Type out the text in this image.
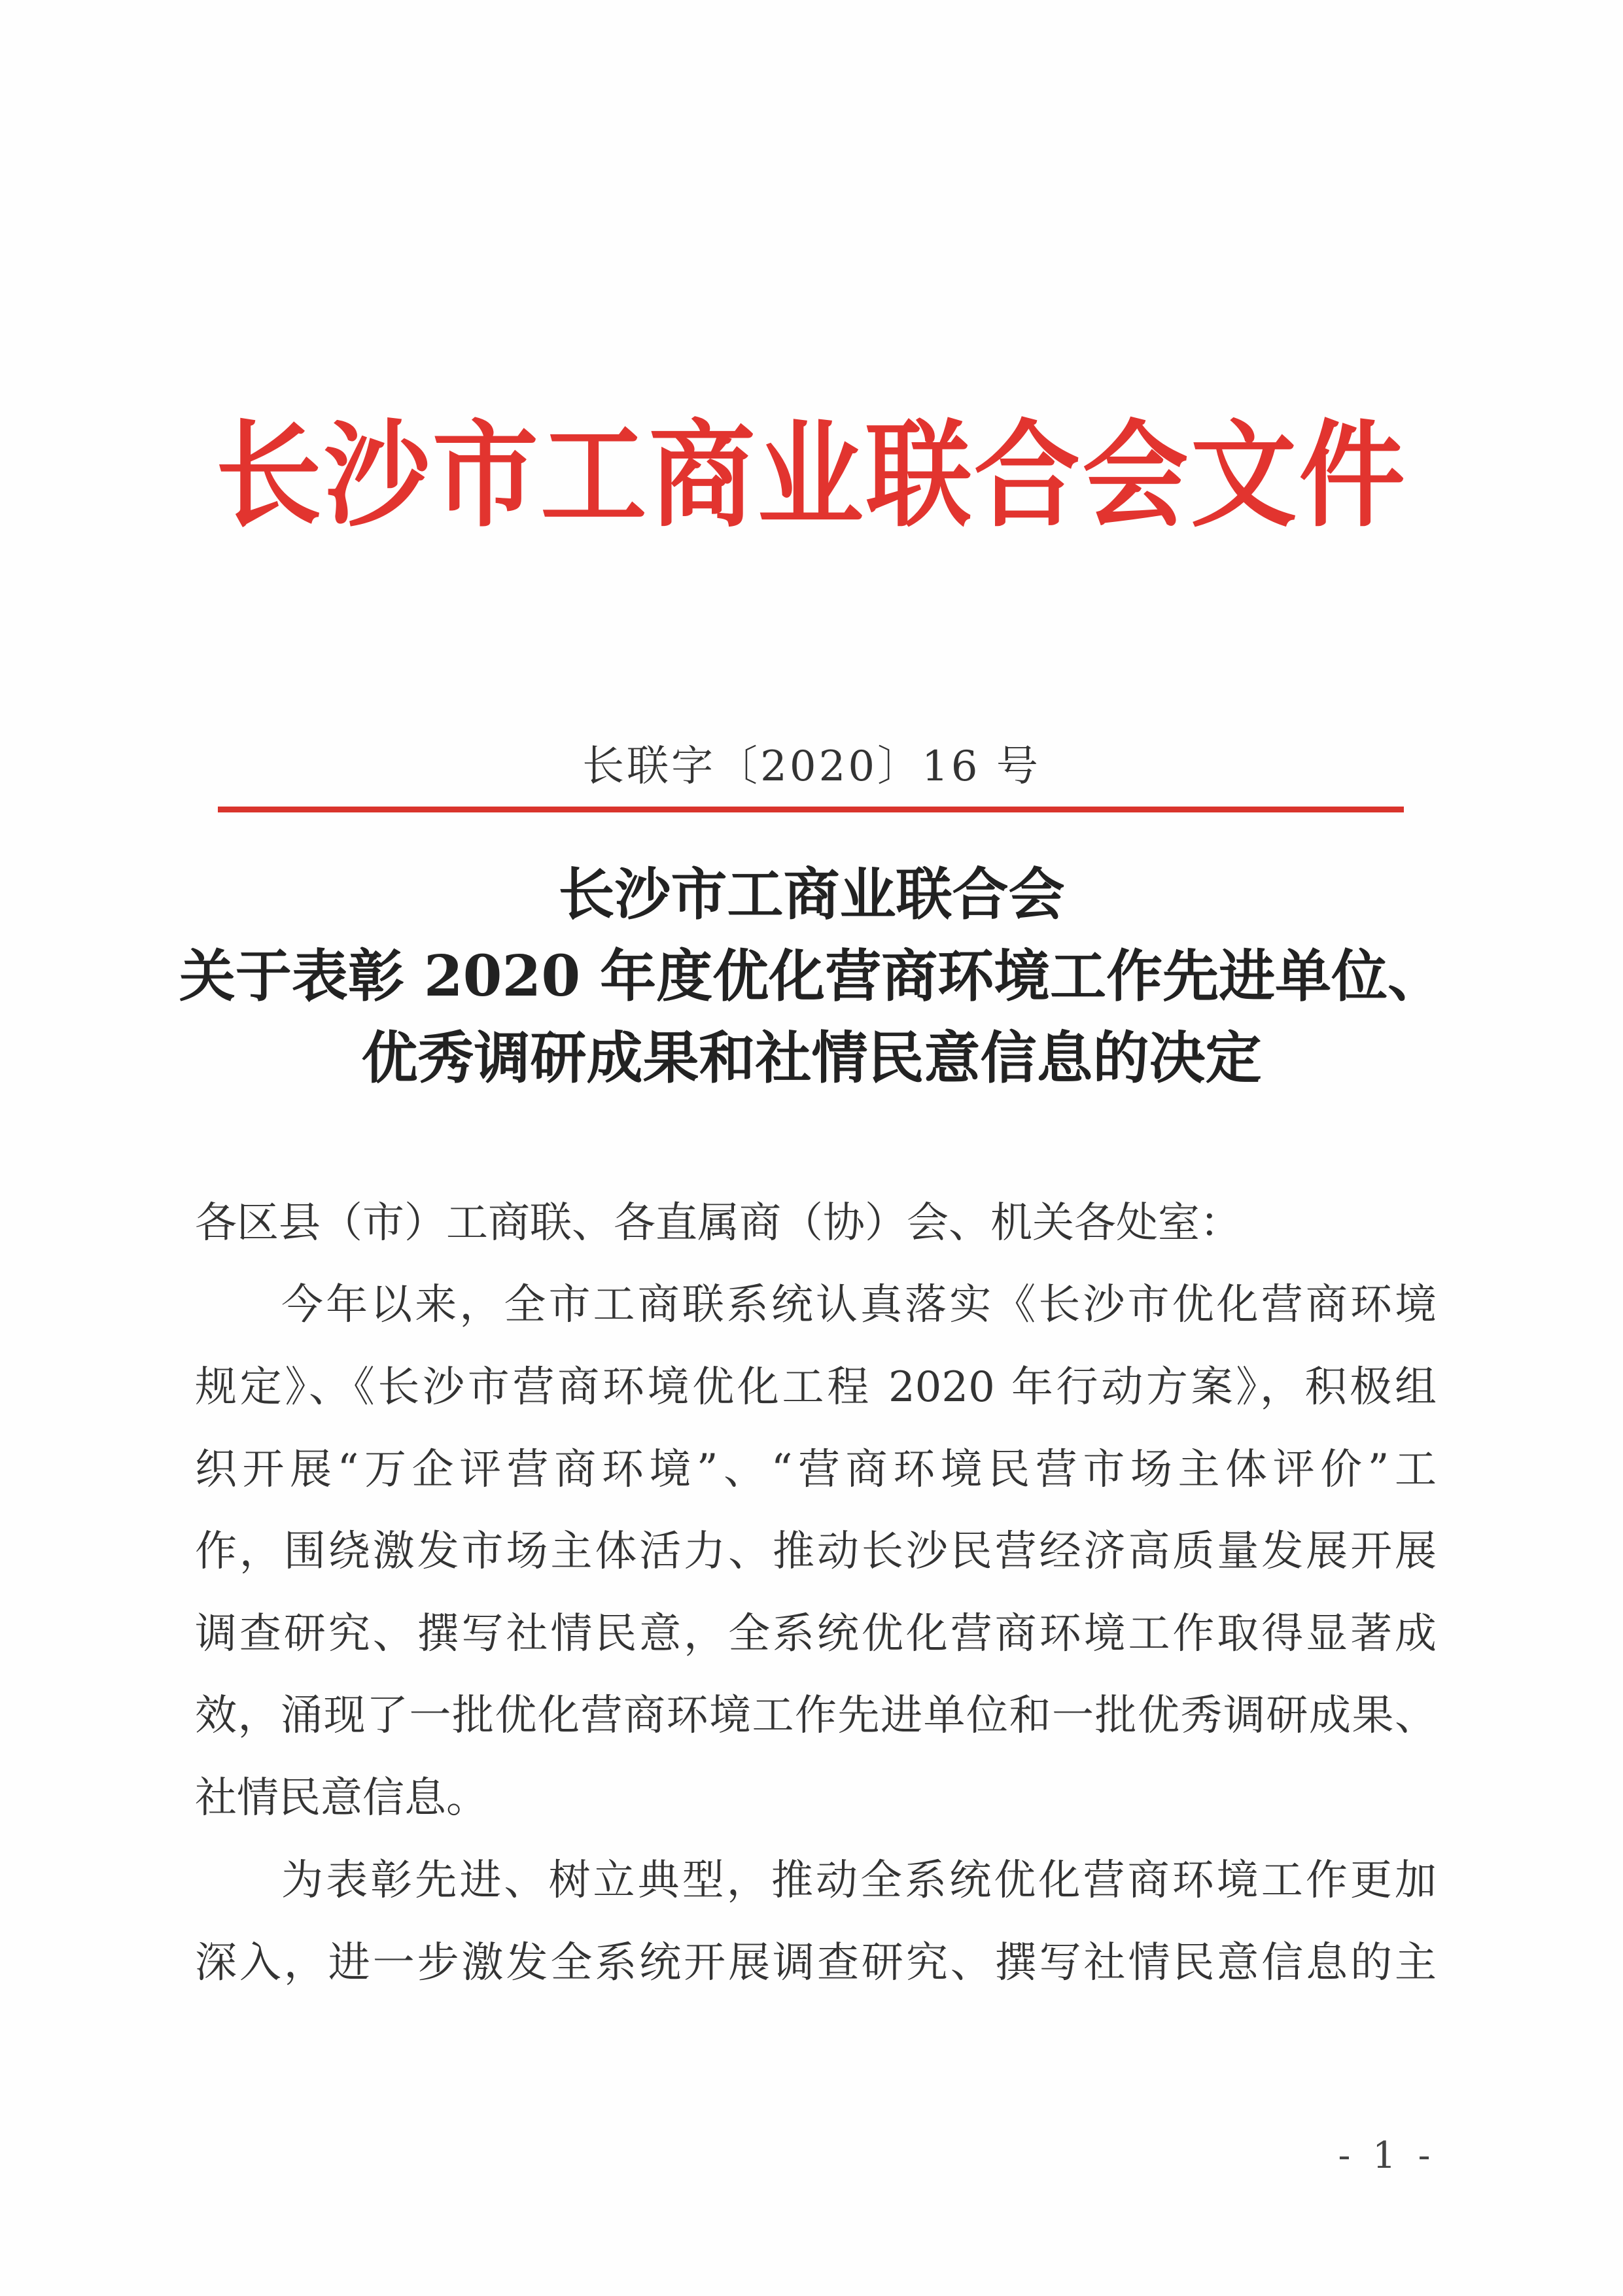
长沙市工商业联合会文件
长联字〔2020〕16 号
长沙市工商业联合会
关于表彰 2020 年度优化营商环境工作先进单位、
优秀调研成果和社情民意信息的决定
各区县（市）工商联、各直属商（协）会、机关各处室：
今年以来，全市工商联系统认真落实《长沙市优化营商环境
规定》、《长沙市营商环境优化工程 2020 年行动方案》，积极组
织开展“万企评营商环境”、“营商环境民营市场主体评价”工
作，围绕激发市场主体活力、推动长沙民营经济高质量发展开展
调查研究、撰写社情民意，全系统优化营商环境工作取得显著成
效，涌现了一批优化营商环境工作先进单位和一批优秀调研成果、
社情民意信息。
为表彰先进、树立典型，推动全系统优化营商环境工作更加
深入，进一步激发全系统开展调查研究、撰写社情民意信息的主
- 1 -
